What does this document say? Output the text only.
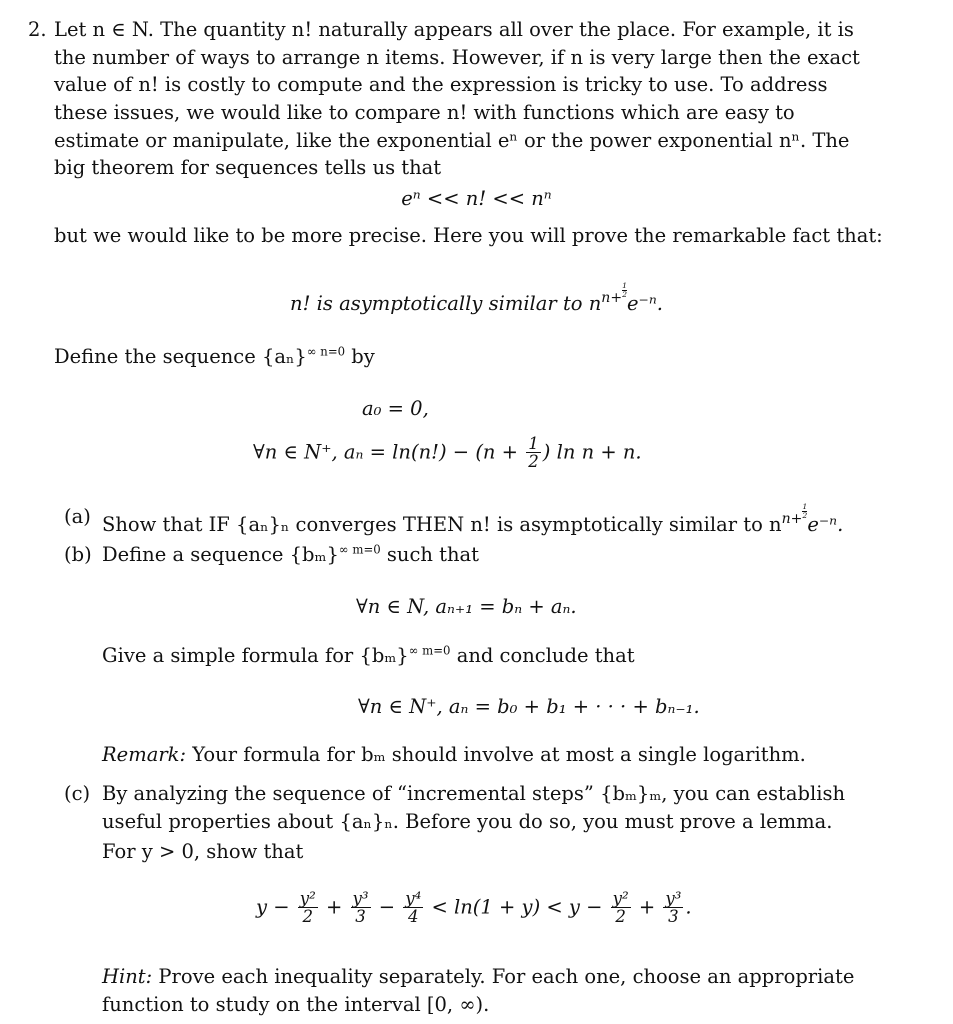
2. Let n ∈ N. The quantity n! naturally appears all over the place. For example, it is the number of ways to arrange n items. However, if n is very large then the exact value of n! is costly to compute and the expression is tricky to use. To address these issues, we would like to compare n! with functions which are easy to estimate or manipulate, like the exponential eⁿ or the power exponential nⁿ. The big theorem for sequences tells us that
eⁿ << n! << nⁿ
but we would like to be more precise. Here you will prove the remarkable fact that:
n! is asymptotically similar to $n^{n+ \frac{1}{2}}$
e⁻ⁿ.
Define the sequence $\{a_n\}^{\infty n=0}$ by
a₀ = 0,
∀n ∈ N⁺, $a_n = \ln(n!) - (n + \frac{1}{2}$ ) ln n + n.
(a) Show that IF {aₙ}ₙ converges THEN n! is asymptotically similar to $n^{n+ \frac{1}{2}}$
e⁻ⁿ.
(b) Define a sequence $\{b_m\}^{\infty m=0}$ such that
∀n ∈ N, aₙ₊₁ = bₙ + aₙ.
Give a simple formula for $\{b_m\}^{\infty m=0}$ and conclude that
∀n ∈ N⁺, aₙ = b₀ + b₁ + · · · + bₙ₋₁.
Remark: Your formula for bₘ should involve at most a single logarithm.
(c) By analyzing the sequence of “incremental steps” {bₘ}ₘ, you can establish useful properties about {aₙ}ₙ. Before you do so, you must prove a lemma.
For y > 0, show that
$y - \frac{\text{y²}}{2} + \frac{\text{y³}}{3} - \frac{\text{y⁴}}{4} < \ln(1 + y) < y - \frac{\text{y²}}{2} + \frac{\text{y³}}{3}$ .
Hint: Prove each inequality separately. For each one, choose an appropriate function to study on the interval [0, ∞).
